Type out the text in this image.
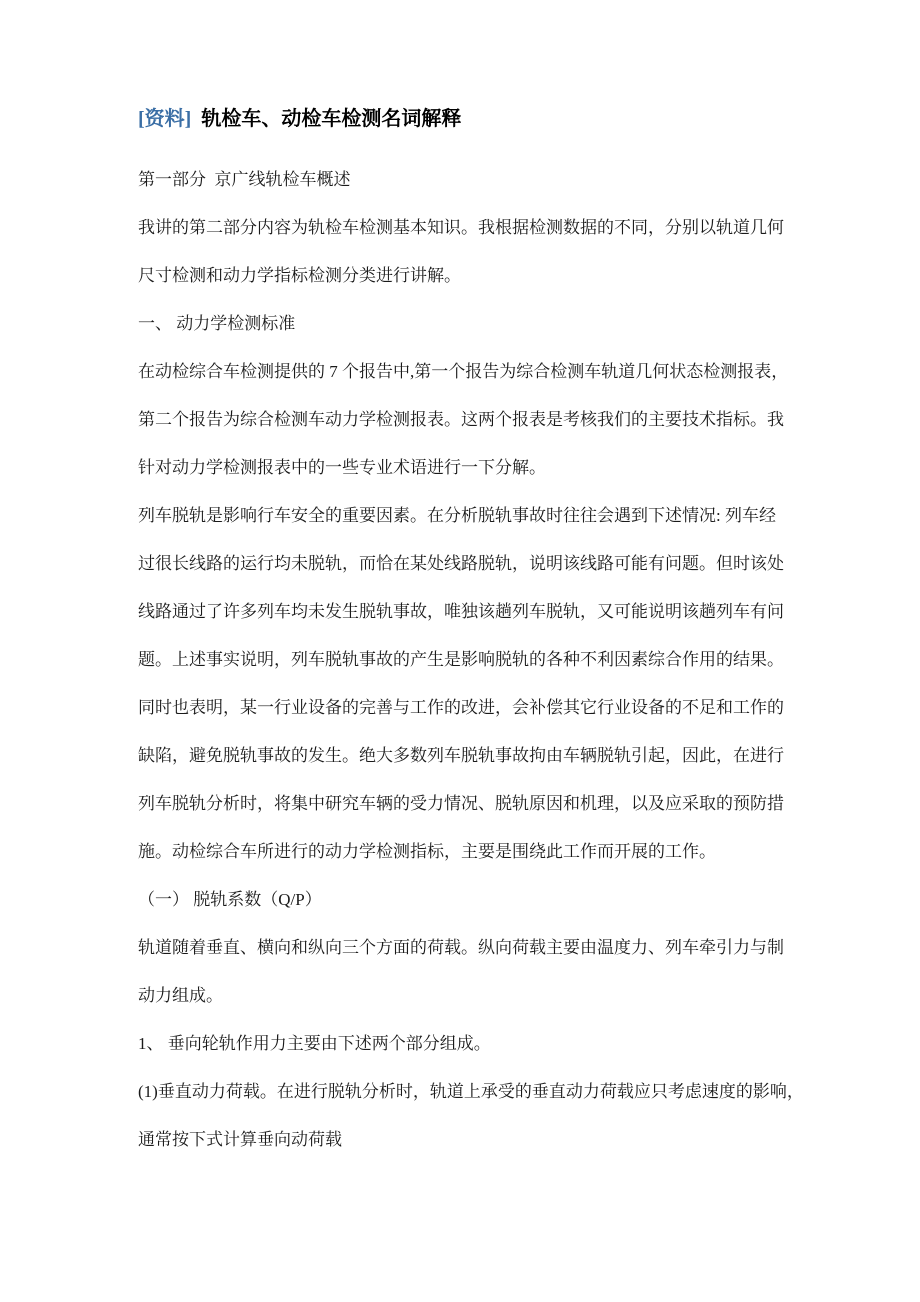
[资料] 轨检车、动检车检测名词解释
第一部分  京广线轨检车概述
我讲的第二部分内容为轨检车检测基本知识。我根据检测数据的不同，分别以轨道几何
尺寸检测和动力学指标检测分类进行讲解。
一、 动力学检测标准
在动检综合车检测提供的 7 个报告中,第一个报告为综合检测车轨道几何状态检测报表，
第二个报告为综合检测车动力学检测报表。这两个报表是考核我们的主要技术指标。我
针对动力学检测报表中的一些专业术语进行一下分解。
列车脱轨是影响行车安全的重要因素。在分析脱轨事故时往往会遇到下述情况: 列车经
过很长线路的运行均未脱轨，而恰在某处线路脱轨，说明该线路可能有问题。但时该处
线路通过了许多列车均未发生脱轨事故，唯独该趟列车脱轨，又可能说明该趟列车有问
题。上述事实说明，列车脱轨事故的产生是影响脱轨的各种不利因素综合作用的结果。
同时也表明，某一行业设备的完善与工作的改进，会补偿其它行业设备的不足和工作的
缺陷，避免脱轨事故的发生。绝大多数列车脱轨事故拘由车辆脱轨引起，因此，在进行
列车脱轨分析时，将集中研究车辆的受力情况、脱轨原因和机理，以及应采取的预防措
施。动检综合车所进行的动力学检测指标，主要是围绕此工作而开展的工作。
（一） 脱轨系数（Q/P）
轨道随着垂直、横向和纵向三个方面的荷载。纵向荷载主要由温度力、列车牵引力与制
动力组成。
1、 垂向轮轨作用力主要由下述两个部分组成。
(1)垂直动力荷载。在进行脱轨分析时，轨道上承受的垂直动力荷载应只考虑速度的影响，
通常按下式计算垂向动荷载
